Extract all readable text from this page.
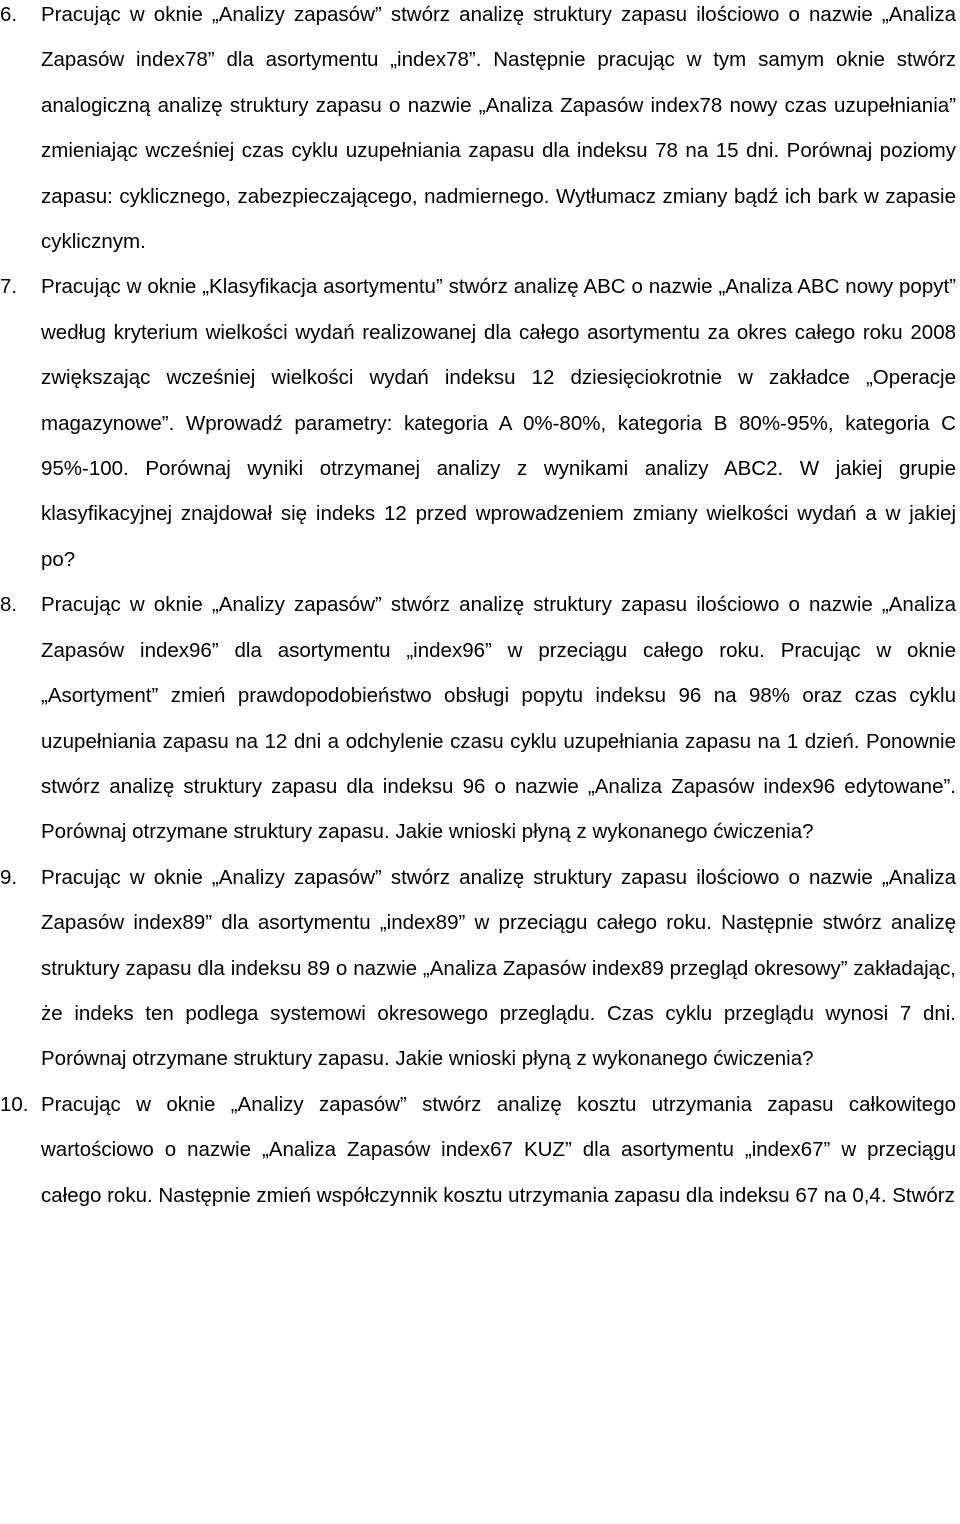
6. Pracując w oknie „Analizy zapasów” stwórz analizę struktury zapasu ilościowo o nazwie „Analiza Zapasów index78” dla asortymentu „index78”. Następnie pracując w tym samym oknie stwórz analogiczną analizę struktury zapasu o nazwie „Analiza Zapasów index78 nowy czas uzupełniania” zmieniając wcześniej czas cyklu uzupełniania zapasu dla indeksu 78 na 15 dni. Porównaj poziomy zapasu: cyklicznego, zabezpieczającego, nadmiernego. Wytłumacz zmiany bądź ich bark w zapasie cyklicznym.
7. Pracując w oknie „Klasyfikacja asortymentu” stwórz analizę ABC o nazwie „Analiza ABC nowy popyt” według kryterium wielkości wydań realizowanej dla całego asortymentu za okres całego roku 2008 zwiększając wcześniej wielkości wydań indeksu 12 dziesięciokrotnie w zakładce „Operacje magazynowe”. Wprowadź parametry: kategoria A 0%-80%, kategoria B 80%-95%, kategoria C 95%-100. Porównaj wyniki otrzymanej analizy z wynikami analizy ABC2. W jakiej grupie klasyfikacyjnej znajdował się indeks 12 przed wprowadzeniem zmiany wielkości wydań a w jakiej po?
8. Pracując w oknie „Analizy zapasów” stwórz analizę struktury zapasu ilościowo o nazwie „Analiza Zapasów index96” dla asortymentu „index96” w przeciągu całego roku. Pracując w oknie „Asortyment” zmień prawdopodobieństwo obsługi popytu indeksu 96 na 98% oraz czas cyklu uzupełniania zapasu na 12 dni a odchylenie czasu cyklu uzupełniania zapasu na 1 dzień. Ponownie stwórz analizę struktury zapasu dla indeksu 96 o nazwie „Analiza Zapasów index96 edytowane”. Porównaj otrzymane struktury zapasu. Jakie wnioski płyną z wykonanego ćwiczenia?
9. Pracując w oknie „Analizy zapasów” stwórz analizę struktury zapasu ilościowo o nazwie „Analiza Zapasów index89” dla asortymentu „index89” w przeciągu całego roku. Następnie stwórz analizę struktury zapasu dla indeksu 89 o nazwie „Analiza Zapasów index89 przegląd okresowy” zakładając, że indeks ten podlega systemowi okresowego przeglądu. Czas cyklu przeglądu wynosi 7 dni. Porównaj otrzymane struktury zapasu. Jakie wnioski płyną z wykonanego ćwiczenia?
10. Pracując w oknie „Analizy zapasów” stwórz analizę kosztu utrzymania zapasu całkowitego wartościowo o nazwie „Analiza Zapasów index67 KUZ” dla asortymentu „index67” w przeciągu całego roku. Następnie zmień współczynnik kosztu utrzymania zapasu dla indeksu 67 na 0,4. Stwórz
